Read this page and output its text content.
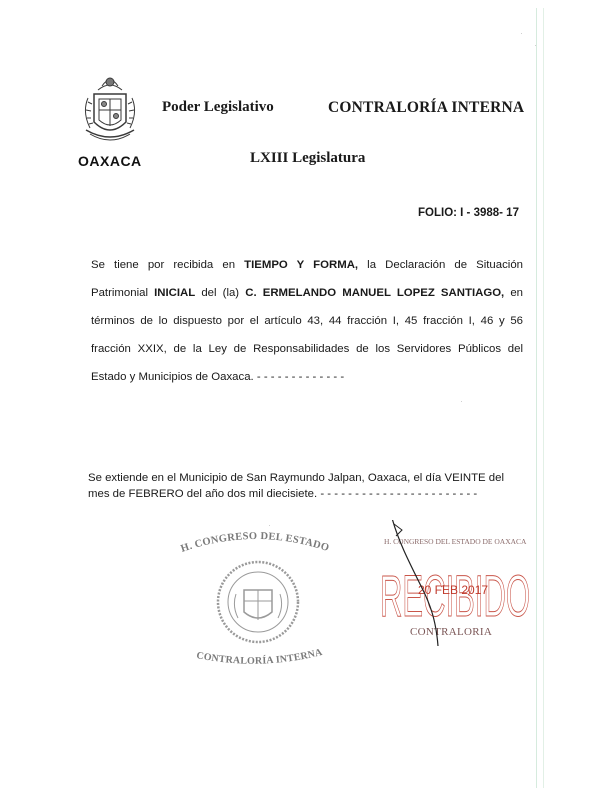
OAXACA
Poder Legislativo	CONTRALORÍA INTERNA
LXIII Legislatura
FOLIO: I - 3988- 17
Se tiene por recibida en TIEMPO Y FORMA, la Declaración de Situación
Patrimonial INICIAL del (la) C. ERMELANDO MANUEL LOPEZ SANTIAGO, en
términos de lo dispuesto por el artículo 43, 44 fracción I, 45 fracción I, 46 y 56
fracción XXIX, de la Ley de Responsabilidades de los Servidores Públicos del
Estado y Municipios de Oaxaca. - - - - - - - - - - - - -
Se extiende en el Municipio de San Raymundo Jalpan, Oaxaca, el día VEINTE del
mes de FEBRERO del año dos mil diecisiete. - - - - - - - - - - - - - - - - - - - - - - -
H. CONGRESO DEL ESTADO
CONTRALORÍA INTERNA
H. CONGRESO DEL ESTADO DE OAXACA
RECIBIDO
20 FEB 2017
CONTRALORIA
·
·
·
·
